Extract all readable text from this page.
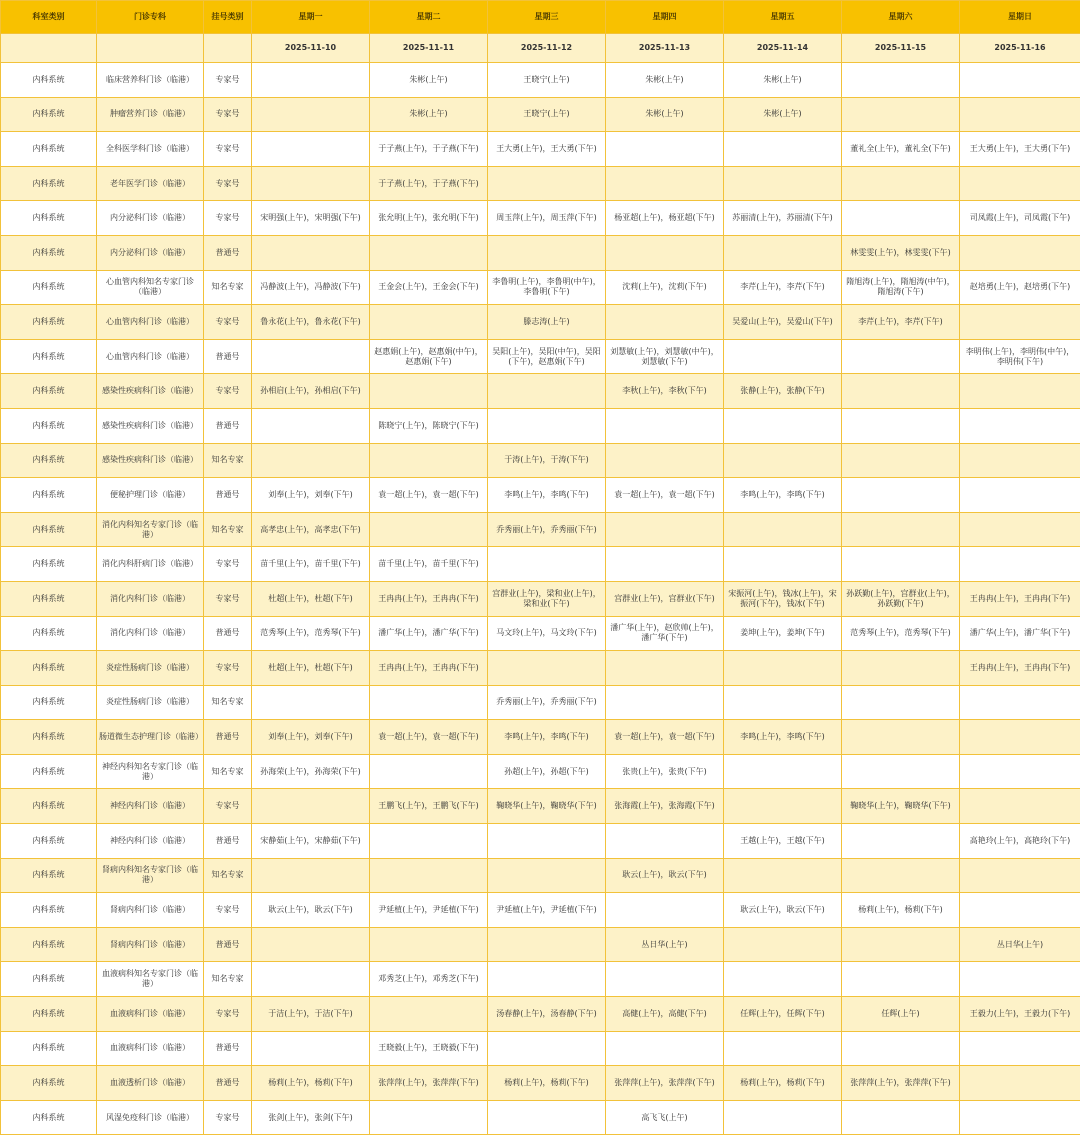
科室类别	门诊专科	挂号类别	星期一	星期二	星期三	星期四	星期五	星期六	星期日
			2025-11-10	2025-11-11	2025-11-12	2025-11-13	2025-11-14	2025-11-15	2025-11-16
内科系统	临床营养科门诊（临港）	专家号		朱彬(上午)	王晓宁(上午)	朱彬(上午)	朱彬(上午)		
内科系统	肿瘤营养门诊（临港）	专家号		朱彬(上午)	王晓宁(上午)	朱彬(上午)	朱彬(上午)		
内科系统	全科医学科门诊（临港）	专家号		于子燕(上午)，于子燕(下午)	王大勇(上午)，王大勇(下午)			董礼全(上午)，董礼全(下午)	王大勇(上午)，王大勇(下午)
内科系统	老年医学门诊（临港）	专家号		于子燕(上午)，于子燕(下午)					
内科系统	内分泌科门诊（临港）	专家号	宋明强(上午)，宋明强(下午)	张允明(上午)，张允明(下午)	周玉萍(上午)，周玉萍(下午)	杨亚超(上午)，杨亚超(下午)	苏丽清(上午)，苏丽清(下午)		司凤霞(上午)，司凤霞(下午)
内科系统	内分泌科门诊（临港）	普通号						林雯雯(上午)，林雯雯(下午)	
内科系统	心血管内科知名专家门诊（临港）	知名专家	冯静波(上午)，冯静波(下午)	王金会(上午)，王金会(下午)	李鲁明(上午)，李鲁明(中午)，李鲁明(下午)	沈莉(上午)，沈莉(下午)	李芹(上午)，李芹(下午)	隋旭涛(上午)，隋旭涛(中午)，隋旭涛(下午)	赵培勇(上午)，赵培勇(下午)
内科系统	心血管内科门诊（临港）	专家号	鲁永花(上午)，鲁永花(下午)		滕志涛(上午)		吴爱山(上午)，吴爱山(下午)	李芹(上午)，李芹(下午)	
内科系统	心血管内科门诊（临港）	普通号		赵惠娟(上午)，赵惠娟(中午)，赵惠娟(下午)	吴阳(上午)，吴阳(中午)，吴阳(下午)，赵惠娟(下午)	刘慧敏(上午)，刘慧敏(中午)，刘慧敏(下午)			李明伟(上午)，李明伟(中午)，李明伟(下午)
内科系统	感染性疾病科门诊（临港）	专家号	孙相启(上午)，孙相启(下午)			李秋(上午)，李秋(下午)	张静(上午)，张静(下午)		
内科系统	感染性疾病科门诊（临港）	普通号		陈晓宁(上午)，陈晓宁(下午)					
内科系统	感染性疾病科门诊（临港）	知名专家			于涛(上午)，于涛(下午)				
内科系统	便秘护理门诊（临港）	普通号	刘奉(上午)，刘奉(下午)	袁一超(上午)，袁一超(下午)	李鸣(上午)，李鸣(下午)	袁一超(上午)，袁一超(下午)	李鸣(上午)，李鸣(下午)		
内科系统	消化内科知名专家门诊（临港）	知名专家	高孝忠(上午)，高孝忠(下午)		乔秀丽(上午)，乔秀丽(下午)				
内科系统	消化内科肝病门诊（临港）	专家号	苗千里(上午)，苗千里(下午)	苗千里(上午)，苗千里(下午)					
内科系统	消化内科门诊（临港）	专家号	杜超(上午)，杜超(下午)	王冉冉(上午)，王冉冉(下午)	宫群业(上午)，梁和业(上午)，梁和业(下午)	宫群业(上午)，宫群业(下午)	宋振河(上午)，钱冰(上午)，宋振河(下午)，钱冰(下午)	孙跃勤(上午)，宫群业(上午)，孙跃勤(下午)	王冉冉(上午)，王冉冉(下午)
内科系统	消化内科门诊（临港）	普通号	范秀琴(上午)，范秀琴(下午)	潘广华(上午)，潘广华(下午)	马文玲(上午)，马文玲(下午)	潘广华(上午)，赵欣帅(上午)，潘广华(下午)	姜坤(上午)，姜坤(下午)	范秀琴(上午)，范秀琴(下午)	潘广华(上午)，潘广华(下午)
内科系统	炎症性肠病门诊（临港）	专家号	杜超(上午)，杜超(下午)	王冉冉(上午)，王冉冉(下午)					王冉冉(上午)，王冉冉(下午)
内科系统	炎症性肠病门诊（临港）	知名专家			乔秀丽(上午)，乔秀丽(下午)				
内科系统	肠道微生态护理门诊（临港）	普通号	刘奉(上午)，刘奉(下午)	袁一超(上午)，袁一超(下午)	李鸣(上午)，李鸣(下午)	袁一超(上午)，袁一超(下午)	李鸣(上午)，李鸣(下午)		
内科系统	神经内科知名专家门诊（临港）	知名专家	孙海荣(上午)，孙海荣(下午)		孙超(上午)，孙超(下午)	张贵(上午)，张贵(下午)			
内科系统	神经内科门诊（临港）	专家号		王鹏飞(上午)，王鹏飞(下午)	鞠晓华(上午)，鞠晓华(下午)	张海霞(上午)，张海霞(下午)		鞠晓华(上午)，鞠晓华(下午)	
内科系统	神经内科门诊（临港）	普通号	宋静茹(上午)，宋静茹(下午)				王越(上午)，王越(下午)		高艳玲(上午)，高艳玲(下午)
内科系统	肾病内科知名专家门诊（临港）	知名专家				耿云(上午)，耿云(下午)			
内科系统	肾病内科门诊（临港）	专家号	耿云(上午)，耿云(下午)	尹延植(上午)，尹延植(下午)	尹延植(上午)，尹延植(下午)		耿云(上午)，耿云(下午)	杨莉(上午)，杨莉(下午)	
内科系统	肾病内科门诊（临港）	普通号				丛日华(上午)			丛日华(上午)
内科系统	血液病科知名专家门诊（临港）	知名专家		邓秀芝(上午)，邓秀芝(下午)					
内科系统	血液病科门诊（临港）	专家号	于洁(上午)，于洁(下午)		汤春静(上午)，汤春静(下午)	高健(上午)，高健(下午)	任辉(上午)，任辉(下午)	任辉(上午)	王毅力(上午)，王毅力(下午)
内科系统	血液病科门诊（临港）	普通号		王晓毅(上午)，王晓毅(下午)					
内科系统	血液透析门诊（临港）	普通号	杨莉(上午)，杨莉(下午)	张萍萍(上午)，张萍萍(下午)	杨莉(上午)，杨莉(下午)	张萍萍(上午)，张萍萍(下午)	杨莉(上午)，杨莉(下午)	张萍萍(上午)，张萍萍(下午)	
内科系统	风湿免疫科门诊（临港）	专家号	张剑(上午)，张剑(下午)			高飞飞(上午)			
